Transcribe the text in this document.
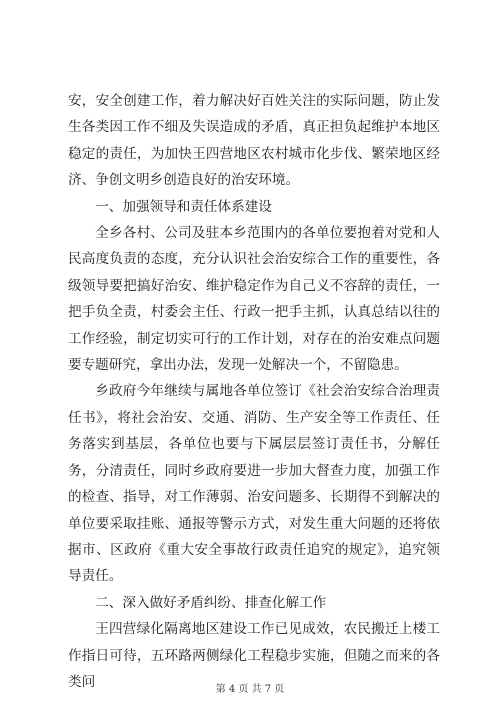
安，安全创建工作，着力解决好百姓关注的实际问题，防止发生各类因工作不细及失误造成的矛盾，真正担负起维护本地区稳定的责任，为加快王四营地区农村城市化步伐、繁荣地区经济、争创文明乡创造良好的治安环境。

一、加强领导和责任体系建设

全乡各村、公司及驻本乡范围内的各单位要抱着对党和人民高度负责的态度，充分认识社会治安综合工作的重要性，各级领导要把搞好治安、维护稳定作为自己义不容辞的责任，一把手负全责，村委会主任、行政一把手主抓，认真总结以往的工作经验，制定切实可行的工作计划，对存在的治安难点问题要专题研究，拿出办法，发现一处解决一个，不留隐患。

乡政府今年继续与属地各单位签订《社会治安综合治理责任书》，将社会治安、交通、消防、生产安全等工作责任、任务落实到基层，各单位也要与下属层层签订责任书，分解任务，分清责任，同时乡政府要进一步加大督查力度，加强工作的检查、指导，对工作薄弱、治安问题多、长期得不到解决的单位要采取挂账、通报等警示方式，对发生重大问题的还将依据市、区政府《重大安全事故行政责任追究的规定》，追究领导责任。

二、深入做好矛盾纠纷、排查化解工作

王四营绿化隔离地区建设工作已见成效，农民搬迁上楼工作指日可待，五环路两侧绿化工程稳步实施，但随之而来的各类问	第 4 页 共 7 页
